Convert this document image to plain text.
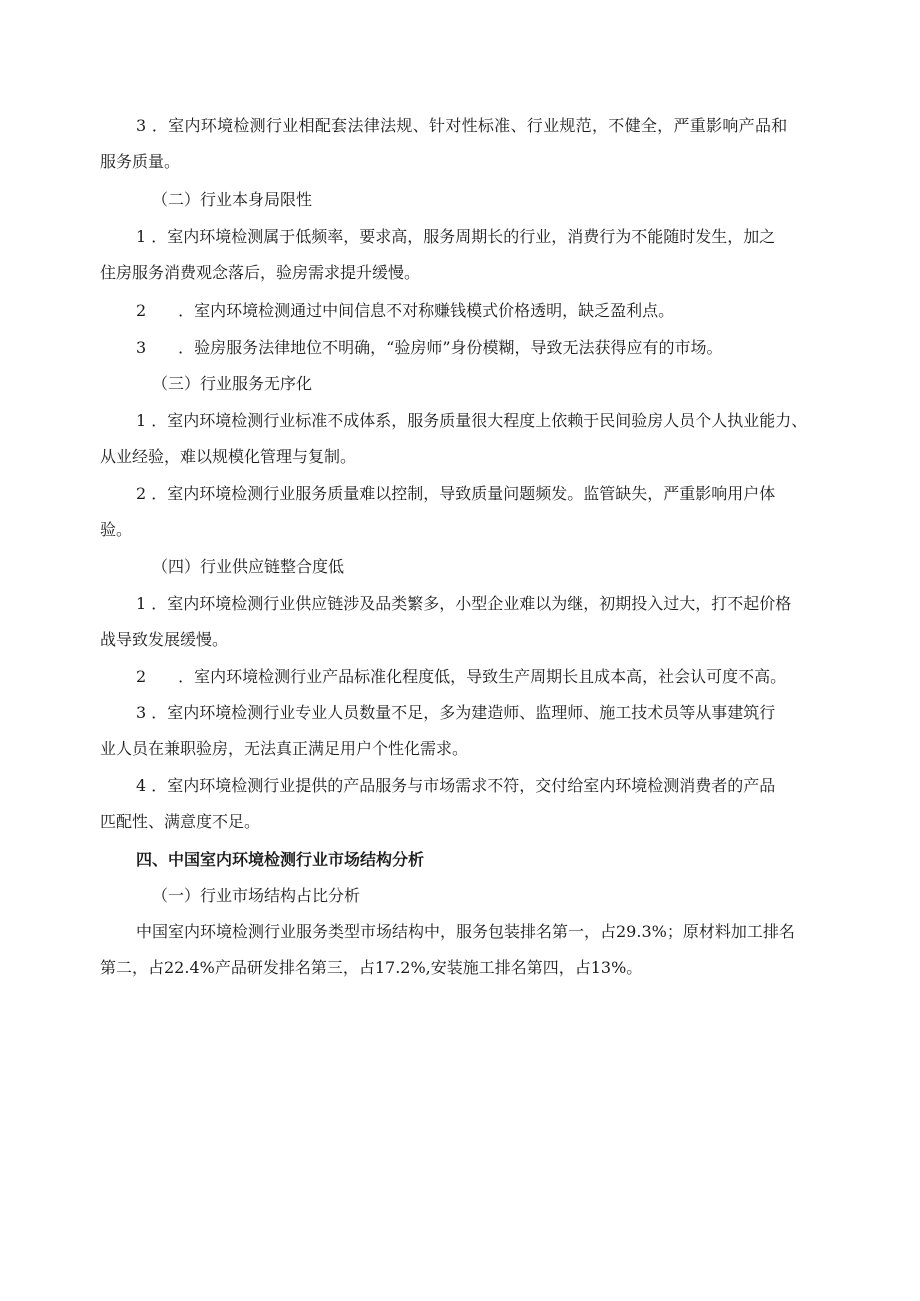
3 ．室内环境检测行业相配套法律法规、针对性标准、行业规范，不健全，严重影响产品和
服务质量。
（二）行业本身局限性
1 ．室内环境检测属于低频率，要求高，服务周期长的行业，消费行为不能随时发生，加之
住房服务消费观念落后，验房需求提升缓慢。
2　　．室内环境检测通过中间信息不对称赚钱模式价格透明，缺乏盈利点。
3　　．验房服务法律地位不明确，“验房师”身份模糊，导致无法获得应有的市场。
（三）行业服务无序化
1 ．室内环境检测行业标准不成体系，服务质量很大程度上依赖于民间验房人员个人执业能力、
从业经验，难以规模化管理与复制。
2 ．室内环境检测行业服务质量难以控制，导致质量问题频发。监管缺失，严重影响用户体
验。
（四）行业供应链整合度低
1 ．室内环境检测行业供应链涉及品类繁多，小型企业难以为继，初期投入过大，打不起价格
战导致发展缓慢。
2　　．室内环境检测行业产品标准化程度低，导致生产周期长且成本高，社会认可度不高。
3 ．室内环境检测行业专业人员数量不足，多为建造师、监理师、施工技术员等从事建筑行
业人员在兼职验房，无法真正满足用户个性化需求。
4 ．室内环境检测行业提供的产品服务与市场需求不符，交付给室内环境检测消费者的产品
匹配性、满意度不足。
四、中国室内环境检测行业市场结构分析
（一）行业市场结构占比分析
中国室内环境检测行业服务类型市场结构中，服务包装排名第一，占29.3%；原材料加工排名
第二，占22.4%产品研发排名第三，占17.2%,安装施工排名第四，占13%。
